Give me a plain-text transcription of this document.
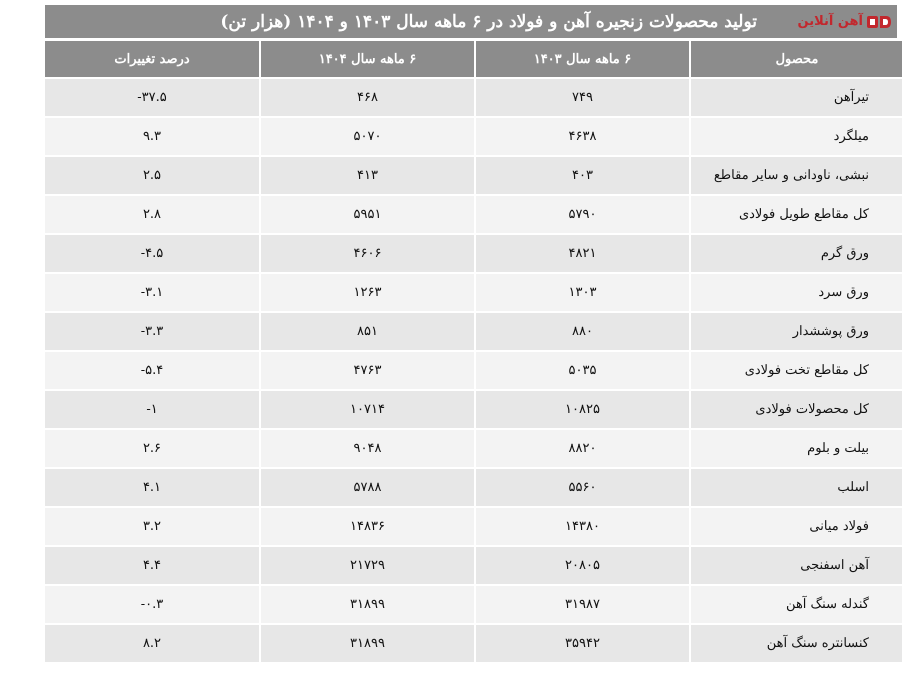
آهن آنلاین
تولید محصولات زنجیره آهن و فولاد در ۶ ماهه سال ۱۴۰۳ و ۱۴۰۴ (هزار تن)
محصول	۶ ماهه سال ۱۴۰۳	۶ ماهه سال ۱۴۰۴	درصد تغییرات
تیرآهن	۷۴۹	۴۶۸	-۳۷.۵
میلگرد	۴۶۳۸	۵۰۷۰	۹.۳
نبشی، ناودانی و سایر مقاطع	۴۰۳	۴۱۳	۲.۵
کل مقاطع طویل فولادی	۵۷۹۰	۵۹۵۱	۲.۸
ورق گرم	۴۸۲۱	۴۶۰۶	-۴.۵
ورق سرد	۱۳۰۳	۱۲۶۳	-۳.۱
ورق پوششدار	۸۸۰	۸۵۱	-۳.۳
کل مقاطع تخت فولادی	۵۰۳۵	۴۷۶۳	-۵.۴
کل محصولات فولادی	۱۰۸۲۵	۱۰۷۱۴	-۱
بیلت و بلوم	۸۸۲۰	۹۰۴۸	۲.۶
اسلب	۵۵۶۰	۵۷۸۸	۴.۱
فولاد میانی	۱۴۳۸۰	۱۴۸۳۶	۳.۲
آهن اسفنجی	۲۰۸۰۵	۲۱۷۲۹	۴.۴
گندله سنگ آهن	۳۱۹۸۷	۳۱۸۹۹	-۰.۳
کنسانتره سنگ آهن	۳۵۹۴۲	۳۱۸۹۹	۸.۲
